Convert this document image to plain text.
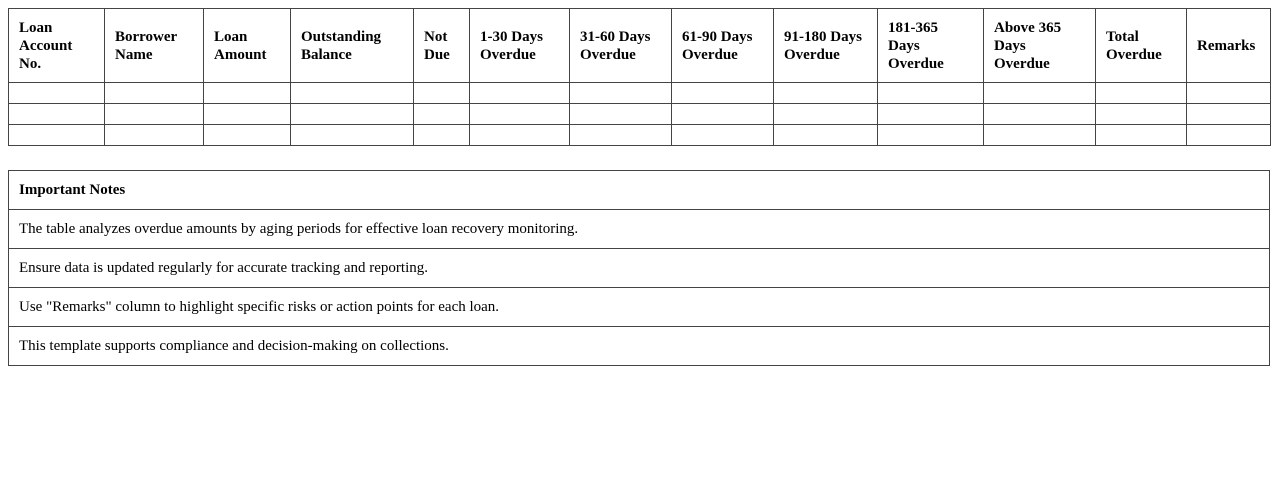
Loan Account No.	Borrower Name	Loan Amount	Outstanding Balance	Not Due	1-30 Days Overdue	31-60 Days Overdue	61-90 Days Overdue	91-180 Days Overdue	181-365 Days Overdue	Above 365 Days Overdue	Total Overdue	Remarks

Important Notes
The table analyzes overdue amounts by aging periods for effective loan recovery monitoring.
Ensure data is updated regularly for accurate tracking and reporting.
Use "Remarks" column to highlight specific risks or action points for each loan.
This template supports compliance and decision-making on collections.
